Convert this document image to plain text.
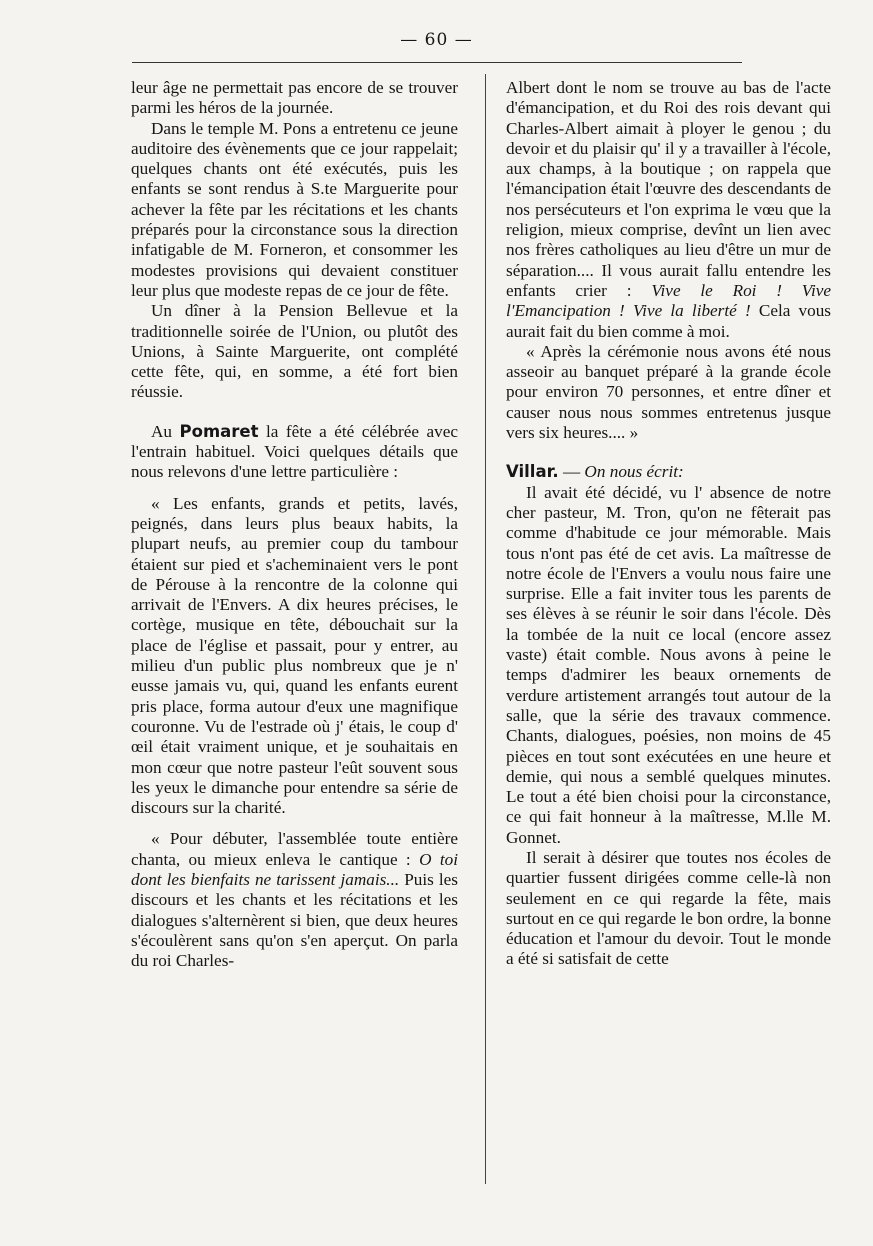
— 60 —

leur âge ne permettait pas encore de se trouver parmi les héros de la journée.

Dans le temple M. Pons a entretenu ce jeune auditoire des évènements que ce jour rappelait; quelques chants ont été exécutés, puis les enfants se sont rendus à S.te Marguerite pour achever la fête par les récitations et les chants préparés pour la circonstance sous la direction infatigable de M. Forneron, et consommer les modestes provisions qui devaient constituer leur plus que modeste repas de ce jour de fête.

Un dîner à la Pension Bellevue et la traditionnelle soirée de l'Union, ou plutôt des Unions, à Sainte Marguerite, ont complété cette fête, qui, en somme, a été fort bien réussie.

Au Pomaret la fête a été célébrée avec l'entrain habituel. Voici quelques détails que nous relevons d'une lettre particulière :

« Les enfants, grands et petits, lavés, peignés, dans leurs plus beaux habits, la plupart neufs, au premier coup du tambour étaient sur pied et s'acheminaient vers le pont de Pérouse à la rencontre de la colonne qui arrivait de l'Envers. A dix heures précises, le cortège, musique en tête, débouchait sur la place de l'église et passait, pour y entrer, au milieu d'un public plus nombreux que je n' eusse jamais vu, qui, quand les enfants eurent pris place, forma autour d'eux une magnifique couronne. Vu de l'estrade où j' étais, le coup d' œil était vraiment unique, et je souhaitais en mon cœur que notre pasteur l'eût souvent sous les yeux le dimanche pour entendre sa série de discours sur la charité.

« Pour débuter, l'assemblée toute entière chanta, ou mieux enleva le cantique : O toi dont les bienfaits ne tarissent jamais... Puis les discours et les chants et les récitations et les dialogues s'alternèrent si bien, que deux heures s'écoulèrent sans qu'on s'en aperçut. On parla du roi Charles-

Albert dont le nom se trouve au bas de l'acte d'émancipation, et du Roi des rois devant qui Charles-Albert aimait à ployer le genou ; du devoir et du plaisir qu' il y a travailler à l'école, aux champs, à la boutique ; on rappela que l'émancipation était l'œuvre des descendants de nos persécuteurs et l'on exprima le vœu que la religion, mieux comprise, devînt un lien avec nos frères catholiques au lieu d'être un mur de séparation.... Il vous aurait fallu entendre les enfants crier : Vive le Roi ! Vive l'Emancipation ! Vive la liberté ! Cela vous aurait fait du bien comme à moi.

« Après la cérémonie nous avons été nous asseoir au banquet préparé à la grande école pour environ 70 personnes, et entre dîner et causer nous nous sommes entretenus jusque vers six heures.... »

Villar. — On nous écrit:

Il avait été décidé, vu l' absence de notre cher pasteur, M. Tron, qu'on ne fêterait pas comme d'habitude ce jour mémorable. Mais tous n'ont pas été de cet avis. La maîtresse de notre école de l'Envers a voulu nous faire une surprise. Elle a fait inviter tous les parents de ses élèves à se réunir le soir dans l'école. Dès la tombée de la nuit ce local (encore assez vaste) était comble. Nous avons à peine le temps d'admirer les beaux ornements de verdure artistement arrangés tout autour de la salle, que la série des travaux commence. Chants, dialogues, poésies, non moins de 45 pièces en tout sont exécutées en une heure et demie, qui nous a semblé quelques minutes. Le tout a été bien choisi pour la circonstance, ce qui fait honneur à la maîtresse, M.lle M. Gonnet.

Il serait à désirer que toutes nos écoles de quartier fussent dirigées comme celle-là non seulement en ce qui regarde la fête, mais surtout en ce qui regarde le bon ordre, la bonne éducation et l'amour du devoir. Tout le monde a été si satisfait de cette
